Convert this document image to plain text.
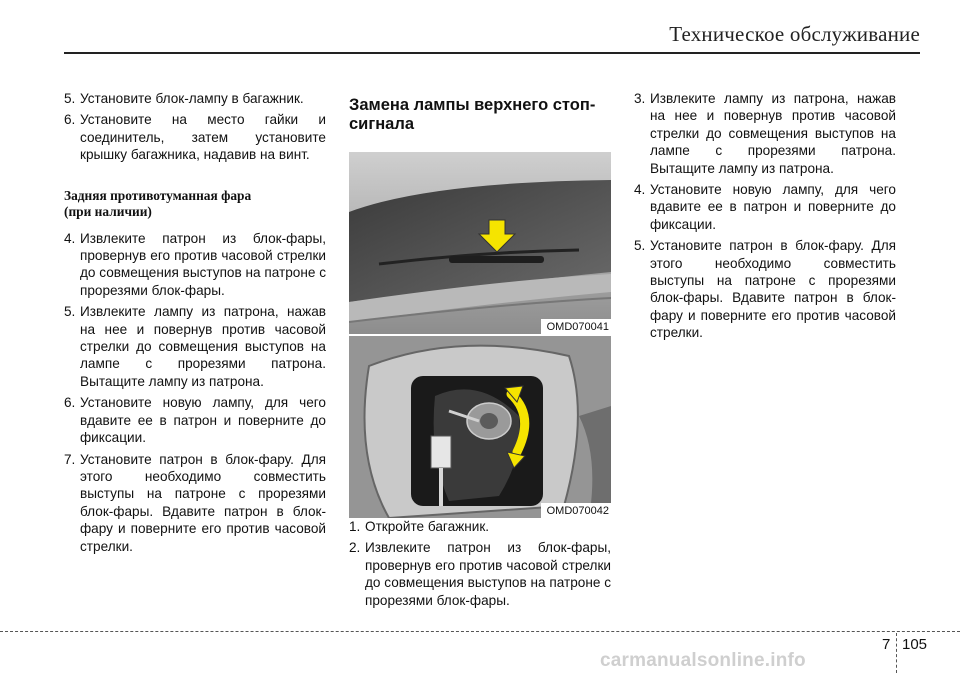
Техническое обслуживание
5. Установите блок-лампу в багажник.
6. Установите на место гайки и соединитель, затем установите крышку багажника, надавив на винт.
Задняя противотуманная фара
(при наличии)
4. Извлеките патрон из блок-фары, провернув его против часовой стрелки до совмещения выступов на патроне с прорезями блок-фары.
5. Извлеките лампу из патрона, нажав на нее и повернув против часовой стрелки до совмещения выступов на лампе с прорезями патрона. Вытащите лампу из патрона.
6. Установите новую лампу, для чего вдавите ее в патрон и поверните до фиксации.
7. Установите патрон в блок-фару. Для этого необходимо совместить выступы на патроне с прорезями блок-фары. Вдавите патрон в блок-фару и поверните его против часовой стрелки.
Замена лампы верхнего стоп-сигнала
OMD070041
OMD070042
1. Откройте багажник.
2. Извлеките патрон из блок-фары, провернув его против часовой стрелки до совмещения выступов на патроне с прорезями блок-фары.
3. Извлеките лампу из патрона, нажав на нее и повернув против часовой стрелки до совмещения выступов на лампе с прорезями патрона. Вытащите лампу из патрона.
4. Установите новую лампу, для чего вдавите ее в патрон и поверните до фиксации.
5. Установите патрон в блок-фару. Для этого необходимо совместить выступы на патроне с прорезями блок-фары. Вдавите патрон в блок-фару и поверните его против часовой стрелки.
7 105
carmanualsonline.info
